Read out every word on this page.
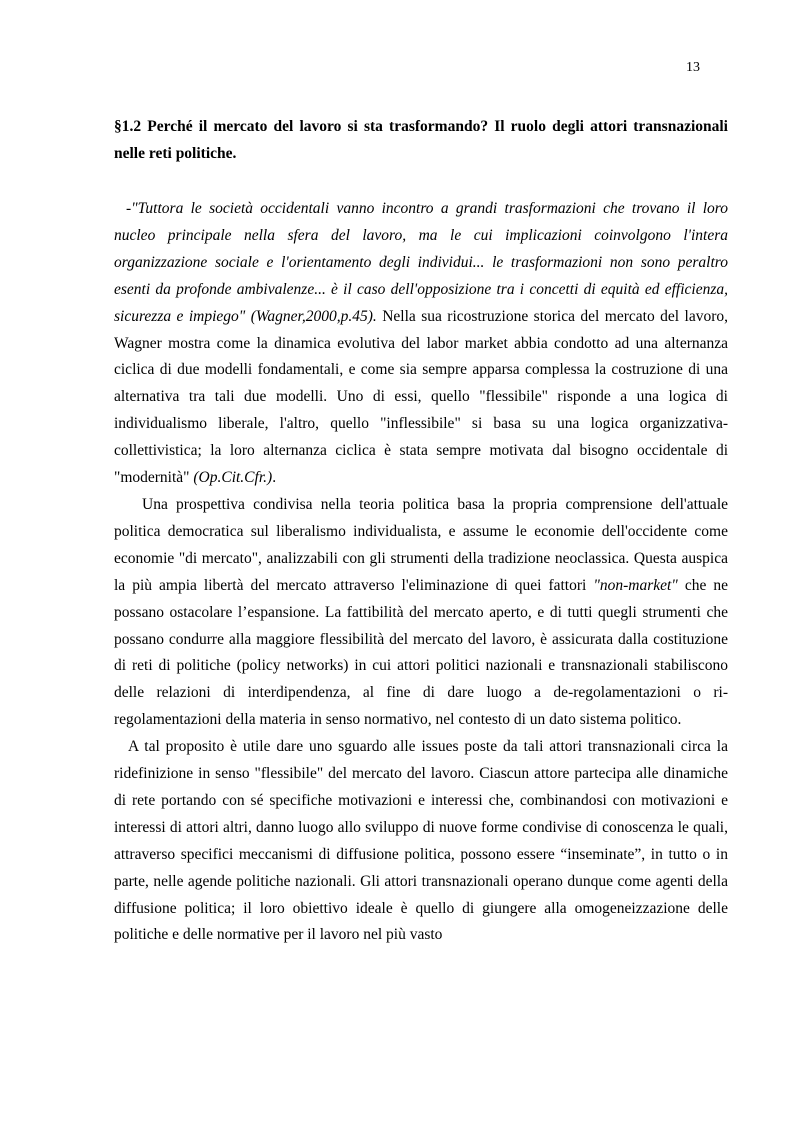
13
§1.2 Perché il mercato del lavoro si sta trasformando? Il ruolo degli attori transnazionali nelle reti politiche.

-"Tuttora le società occidentali vanno incontro a grandi trasformazioni che trovano il loro nucleo principale nella sfera del lavoro, ma le cui implicazioni coinvolgono l'intera organizzazione sociale e l'orientamento degli individui... le trasformazioni non sono peraltro esenti da profonde ambivalenze... è il caso dell'opposizione tra i concetti di equità ed efficienza, sicurezza e impiego" (Wagner,2000,p.45). Nella sua ricostruzione storica del mercato del lavoro, Wagner mostra come la dinamica evolutiva del labor market abbia condotto ad una alternanza ciclica di due modelli fondamentali, e come sia sempre apparsa complessa la costruzione di una alternativa tra tali due modelli. Uno di essi, quello "flessibile" risponde a una logica di individualismo liberale, l'altro, quello "inflessibile" si basa su una logica organizzativa- collettivistica; la loro alternanza ciclica è stata sempre motivata dal bisogno occidentale di "modernità" (Op.Cit.Cfr.).

Una prospettiva condivisa nella teoria politica basa la propria comprensione dell'attuale politica democratica sul liberalismo individualista, e assume le economie dell'occidente come economie "di mercato", analizzabili con gli strumenti della tradizione neoclassica. Questa auspica la più ampia libertà del mercato attraverso l'eliminazione di quei fattori "non-market" che ne possano ostacolare l’espansione. La fattibilità del mercato aperto, e di tutti quegli strumenti che possano condurre alla maggiore flessibilità del mercato del lavoro, è assicurata dalla costituzione di reti di politiche (policy networks) in cui attori politici nazionali e transnazionali stabiliscono delle relazioni di interdipendenza, al fine di dare luogo a de-regolamentazioni o ri-regolamentazioni della materia in senso normativo, nel contesto di un dato sistema politico.

A tal proposito è utile dare uno sguardo alle issues poste da tali attori transnazionali circa la ridefinizione in senso "flessibile" del mercato del lavoro. Ciascun attore partecipa alle dinamiche di rete portando con sé specifiche motivazioni e interessi che, combinandosi con motivazioni e interessi di attori altri, danno luogo allo sviluppo di nuove forme condivise di conoscenza le quali, attraverso specifici meccanismi di diffusione politica, possono essere “inseminate”, in tutto o in parte, nelle agende politiche nazionali. Gli attori transnazionali operano dunque come agenti della diffusione politica; il loro obiettivo ideale è quello di giungere alla omogeneizzazione delle politiche e delle normative per il lavoro nel più vasto
